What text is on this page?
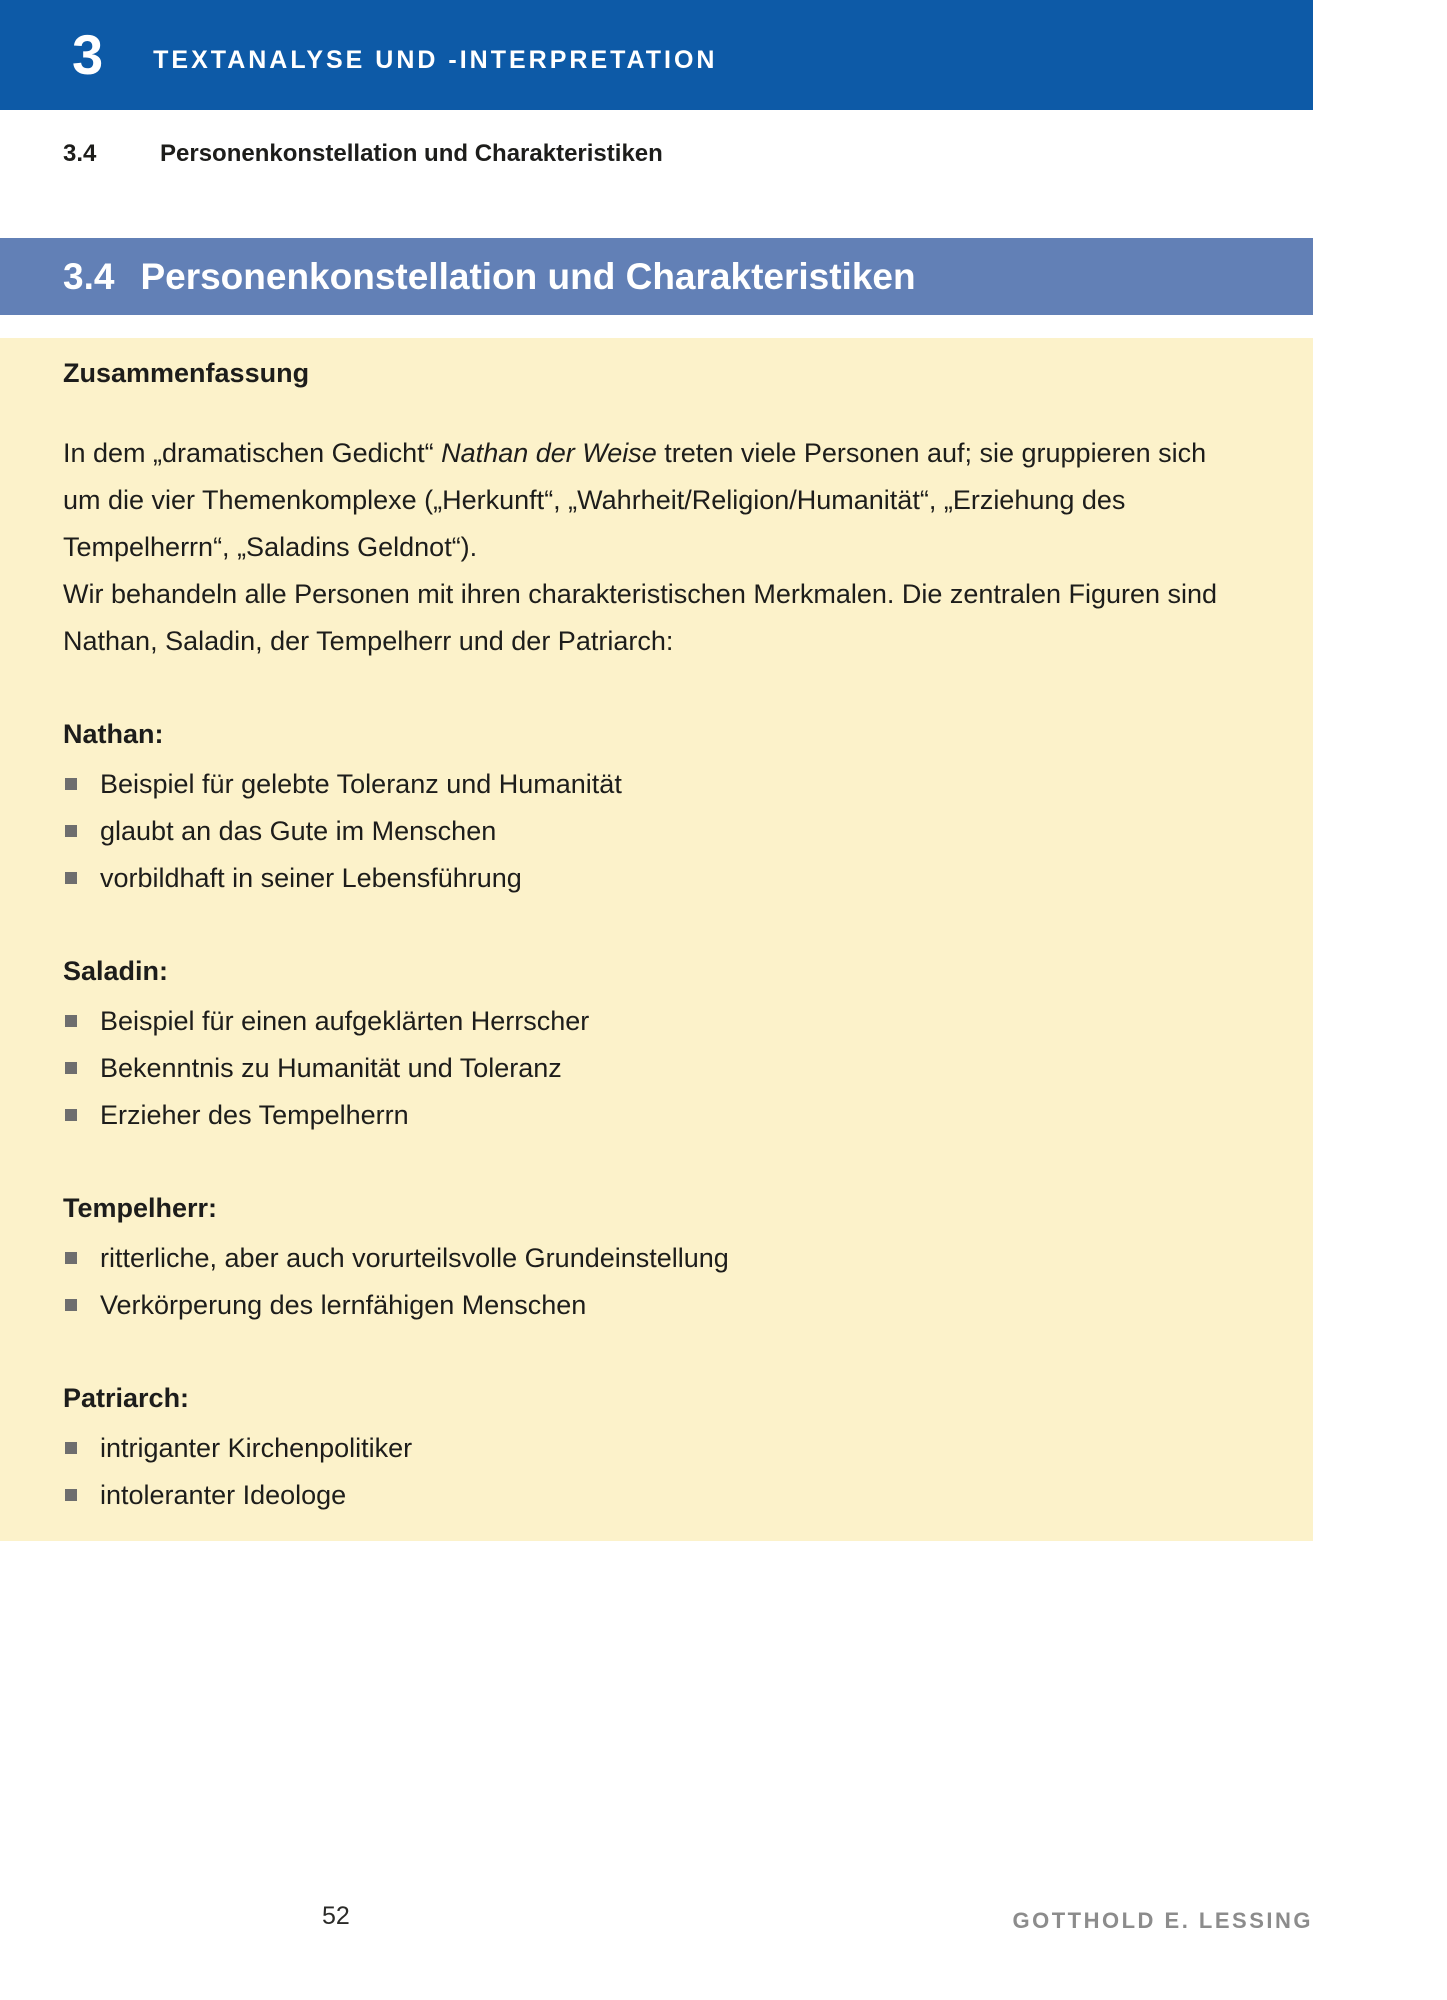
3 TEXTANALYSE UND -INTERPRETATION
3.4	Personenkonstellation und Charakteristiken
3.4 Personenkonstellation und Charakteristiken
Zusammenfassung

In dem „dramatischen Gedicht“ Nathan der Weise treten viele Personen auf; sie gruppieren sich um die vier Themenkomplexe („Herkunft“, „Wahrheit/Religion/Humanität“, „Erziehung des Tempelherrn“, „Saladins Geldnot“).

Wir behandeln alle Personen mit ihren charakteristischen Merkmalen. Die zentralen Figuren sind Nathan, Saladin, der Tempelherr und der Patriarch:

Nathan:
Beispiel für gelebte Toleranz und Humanität
glaubt an das Gute im Menschen
vorbildhaft in seiner Lebensführung
Saladin:
Beispiel für einen aufgeklärten Herrscher
Bekenntnis zu Humanität und Toleranz
Erzieher des Tempelherrn
Tempelherr:
ritterliche, aber auch vorurteilsvolle Grundeinstellung
Verkörperung des lernfähigen Menschen
Patriarch:
intriganter Kirchenpolitiker
intoleranter Ideologe
52	GOTTHOLD E. LESSING
